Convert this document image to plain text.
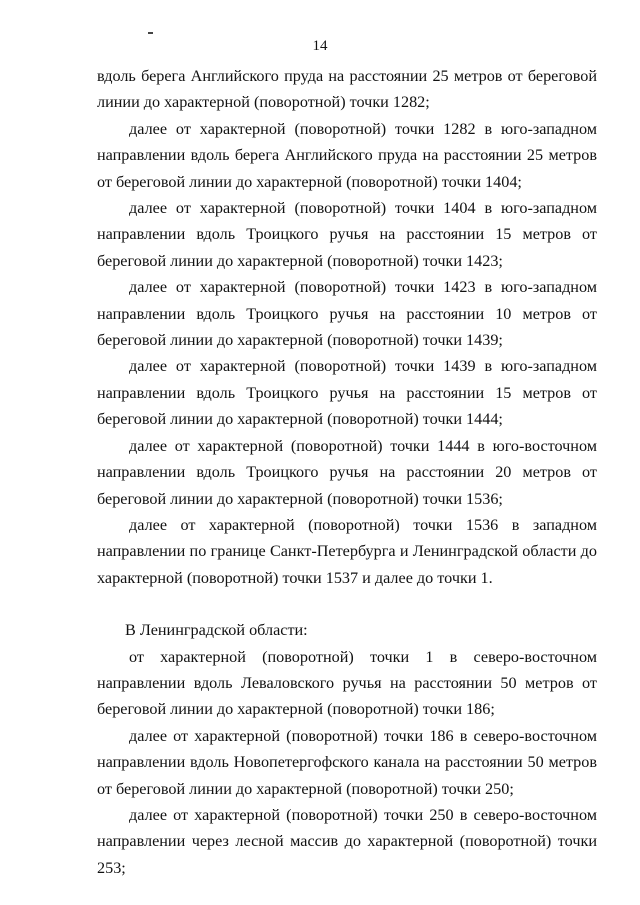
14

вдоль берега Английского пруда на расстоянии 25 метров от береговой линии до характерной (поворотной) точки 1282;

далее от характерной (поворотной) точки 1282 в юго-западном направлении вдоль берега Английского пруда на расстоянии 25 метров от береговой линии до характерной (поворотной) точки 1404;

далее от характерной (поворотной) точки 1404 в юго-западном направлении вдоль Троицкого ручья на расстоянии 15 метров от береговой линии до характерной (поворотной) точки 1423;

далее от характерной (поворотной) точки 1423 в юго-западном направлении вдоль Троицкого ручья на расстоянии 10 метров от береговой линии до характерной (поворотной) точки 1439;

далее от характерной (поворотной) точки 1439 в юго-западном направлении вдоль Троицкого ручья на расстоянии 15 метров от береговой линии до характерной (поворотной) точки 1444;

далее от характерной (поворотной) точки 1444 в юго-восточном направлении вдоль Троицкого ручья на расстоянии 20 метров от береговой линии до характерной (поворотной) точки 1536;

далее от характерной (поворотной) точки 1536 в западном направлении по границе Санкт-Петербурга и Ленинградской области до характерной (поворотной) точки 1537 и далее до точки 1.

В Ленинградской области:

от характерной (поворотной) точки 1 в северо-восточном направлении вдоль Леваловского ручья на расстоянии 50 метров от береговой линии до характерной (поворотной) точки 186;

далее от характерной (поворотной) точки 186 в северо-восточном направлении вдоль Новопетергофского канала на расстоянии 50 метров от береговой линии до характерной (поворотной) точки 250;

далее от характерной (поворотной) точки 250 в северо-восточном направлении через лесной массив до характерной (поворотной) точки 253;
